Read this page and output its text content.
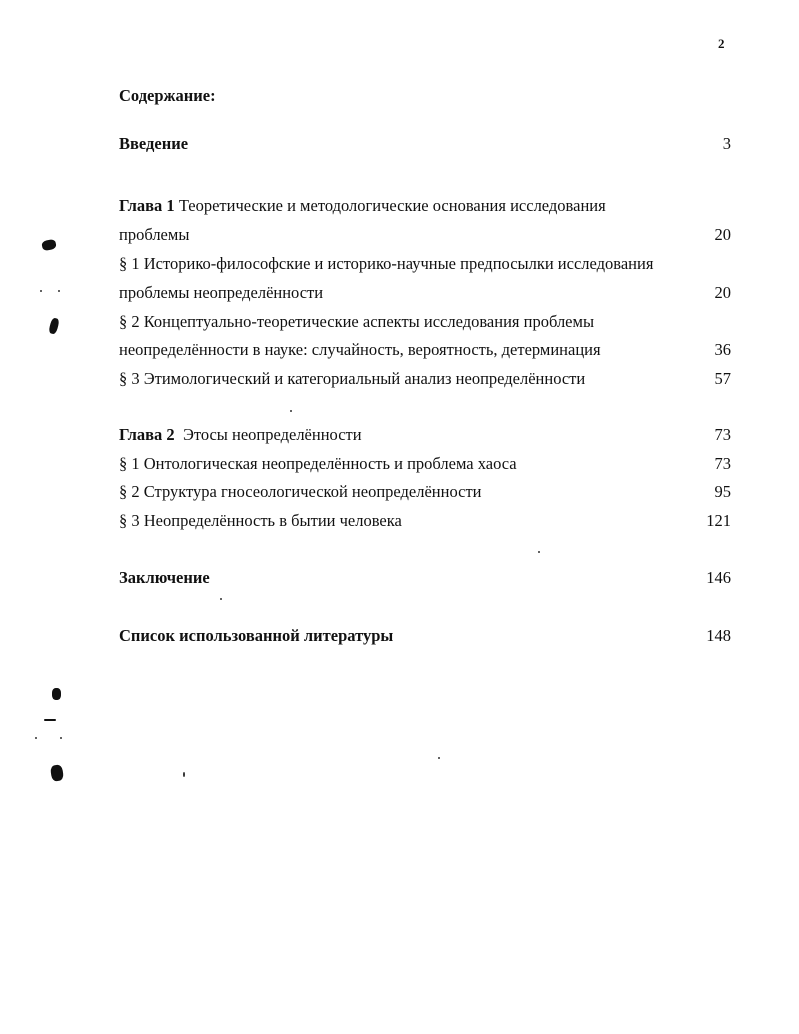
2
Содержание:
Введение	3
Глава 1 Теоретические и методологические основания исследования
проблемы	20
§ 1 Историко-философские и историко-научные предпосылки исследования
проблемы неопределённости	20
§ 2 Концептуально-теоретические аспекты исследования проблемы
неопределённости в науке: случайность, вероятность, детерминация	36
§ 3 Этимологический и категориальный анализ неопределённости	57
Глава 2  Этосы неопределённости	73
§ 1 Онтологическая неопределённость и проблема хаоса	73
§ 2 Структура гносеологической неопределённости	95
§ 3 Неопределённость в бытии человека	121
Заключение	146
Список использованной литературы	148
